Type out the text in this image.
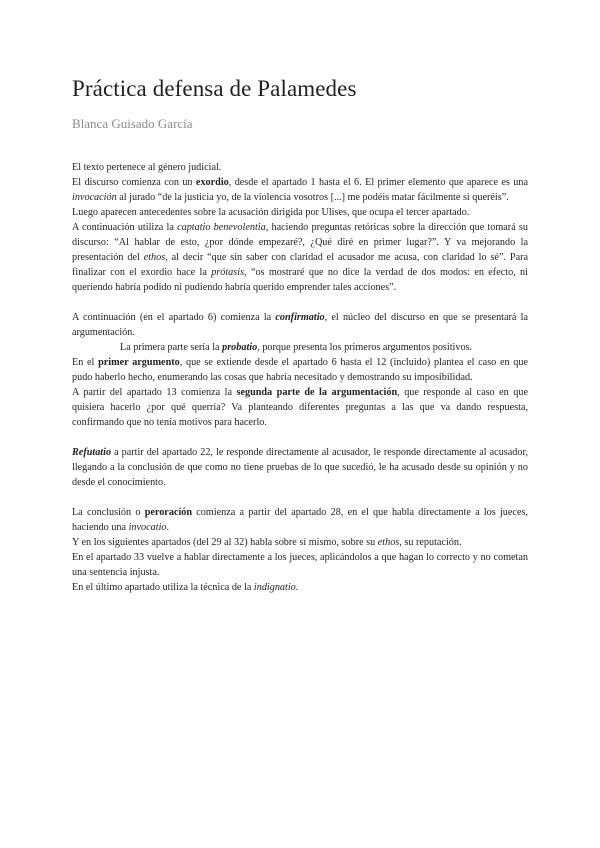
Práctica defensa de Palamedes
Blanca Guisado García

El texto pertenece al género judicial.

El discurso comienza con un exordio, desde el apartado 1 hasta el 6. El primer elemento que aparece es una invocación al jurado “de la justicia yo, de la violencia vosotros [...] me podéis matar fácilmente si queréis”.

Luego aparecen antecedentes sobre la acusación dirigida por Ulises, que ocupa el tercer apartado.

A continuación utiliza la captatio benevolentia, haciendo preguntas retóricas sobre la dirección que tomará su discurso: “Al hablar de esto, ¿por dónde empezaré?, ¿Qué diré en primer lugar?”. Y va mejorando la presentación del ethos, al decir “que sin saber con claridad el acusador me acusa, con claridad lo sé”. Para finalizar con el exordio hace la prótasis, “os mostraré que no dice la verdad de dos modos: en efecto, ni queriendo habría podido ni pudiendo habría querido emprender tales acciones”.

A continuación (en el apartado 6) comienza la confirmatio, el núcleo del discurso en que se presentará la argumentación.

La primera parte sería la probatio, porque presenta los primeros argumentos positivos.

En el primer argumento, que se extiende desde el apartado 6 hasta el 12 (incluido) plantea el caso en que pudo haberlo hecho, enumerando las cosas que habría necesitado y demostrando su imposibilidad.

A partir del apartado 13 comienza la segunda parte de la argumentación, que responde al caso en que quisiera hacerlo ¿por qué querría? Va planteando diferentes preguntas a las que va dando respuesta, confirmando que no tenía motivos para hacerlo.

Refutatio a partir del apartado 22, le responde directamente al acusador, le responde directamente al acusador, llegando a la conclusión de que como no tiene pruebas de lo que sucedió, le ha acusado desde su opinión y no desde el conocimiento.

La conclusión o peroración comienza a partir del apartado 28, en el que habla directamente a los jueces, haciendo una invocatio.

Y en los siguientes apartados (del 29 al 32) habla sobre sí mismo, sobre su ethos, su reputación.

En el apartado 33 vuelve a hablar directamente a los jueces, aplicándolos a que hagan lo correcto y no cometan una sentencia injusta.

En el último apartado utiliza la técnica de la indignatio.
